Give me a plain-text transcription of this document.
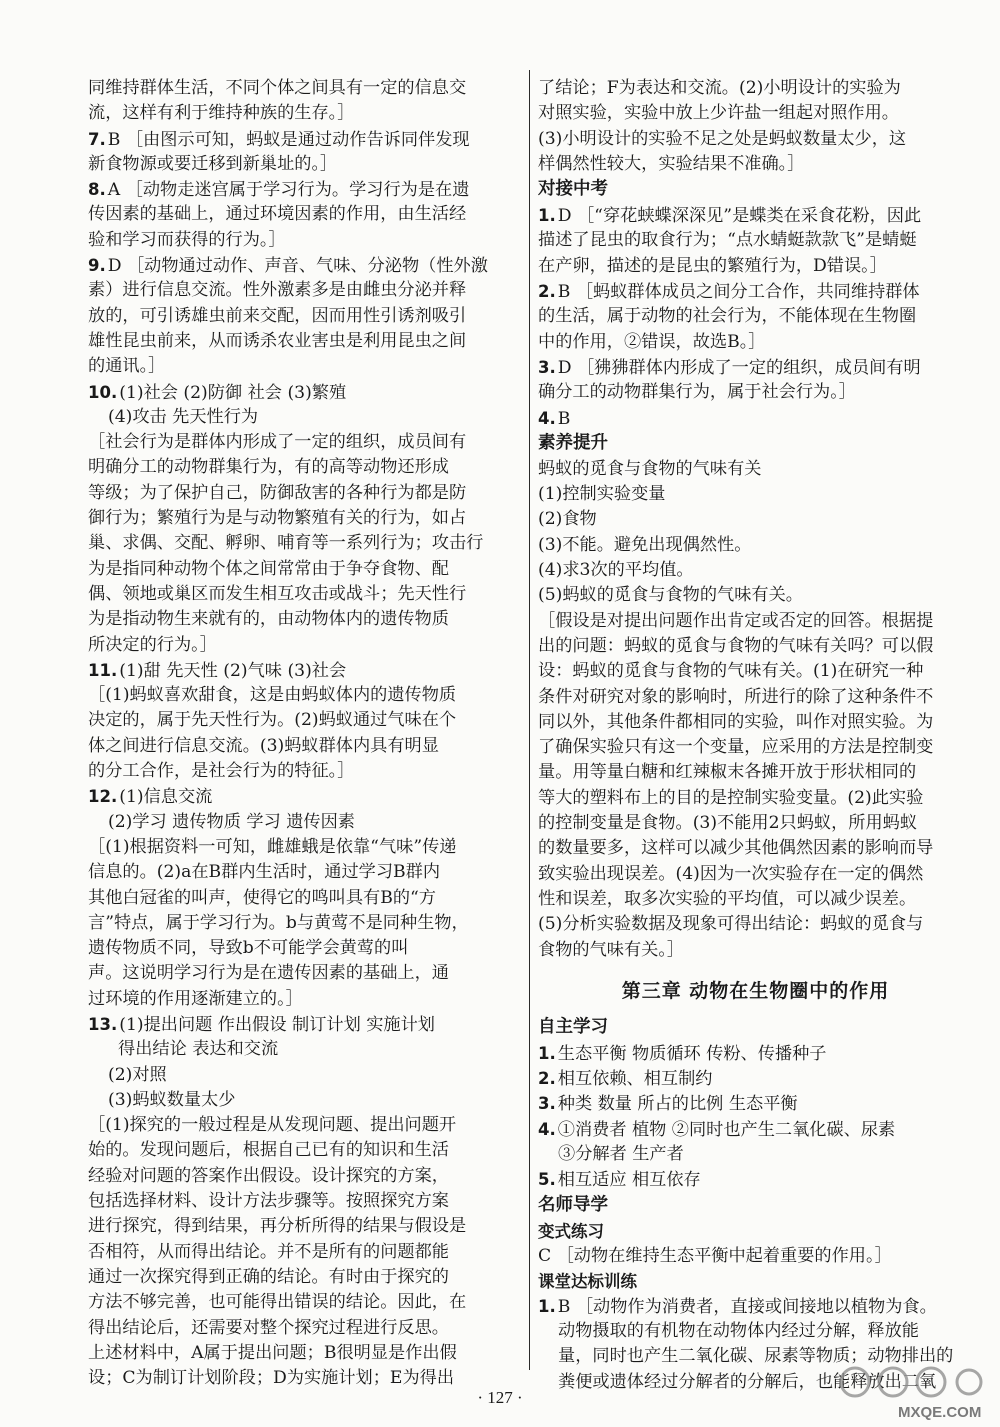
同维持群体生活，不同个体之间具有一定的信息交
流，这样有利于维持种族的生存。］
7. B ［由图示可知，蚂蚁是通过动作告诉同伴发现
新食物源或要迁移到新巢址的。］
8. A ［动物走迷宫属于学习行为。学习行为是在遗
传因素的基础上，通过环境因素的作用，由生活经
验和学习而获得的行为。］
9. D ［动物通过动作、声音、气味、分泌物（性外激
素）进行信息交流。性外激素多是由雌虫分泌并释
放的，可引诱雄虫前来交配，因而用性引诱剂吸引
雄性昆虫前来，从而诱杀农业害虫是利用昆虫之间
的通讯。］
10. (1)社会 (2)防御 社会 (3)繁殖
(4)攻击 先天性行为
［社会行为是群体内形成了一定的组织，成员间有
明确分工的动物群集行为，有的高等动物还形成
等级；为了保护自己，防御敌害的各种行为都是防
御行为；繁殖行为是与动物繁殖有关的行为，如占
巢、求偶、交配、孵卵、哺育等一系列行为；攻击行
为是指同种动物个体之间常常由于争夺食物、配
偶、领地或巢区而发生相互攻击或战斗；先天性行
为是指动物生来就有的，由动物体内的遗传物质
所决定的行为。］
11. (1)甜 先天性 (2)气味 (3)社会
［(1)蚂蚁喜欢甜食，这是由蚂蚁体内的遗传物质
决定的，属于先天性行为。(2)蚂蚁通过气味在个
体之间进行信息交流。(3)蚂蚁群体内具有明显
的分工合作，是社会行为的特征。］
12. (1)信息交流
(2)学习 遗传物质 学习 遗传因素
［(1)根据资料一可知，雌雄蛾是依靠“气味”传递
信息的。(2)a在B群内生活时，通过学习B群内
其他白冠雀的叫声，使得它的鸣叫具有B的“方
言”特点，属于学习行为。b与黄莺不是同种生物，
遗传物质不同，导致b不可能学会黄莺的叫
声。这说明学习行为是在遗传因素的基础上，通
过环境的作用逐渐建立的。］
13. (1)提出问题 作出假设 制订计划 实施计划
得出结论 表达和交流
(2)对照
(3)蚂蚁数量太少
［(1)探究的一般过程是从发现问题、提出问题开
始的。发现问题后，根据自己已有的知识和生活
经验对问题的答案作出假设。设计探究的方案，
包括选择材料、设计方法步骤等。按照探究方案
进行探究，得到结果，再分析所得的结果与假设是
否相符，从而得出结论。并不是所有的问题都能
通过一次探究得到正确的结论。有时由于探究的
方法不够完善，也可能得出错误的结论。因此，在
得出结论后，还需要对整个探究过程进行反思。
上述材料中，A属于提出问题；B很明显是作出假
设；C为制订计划阶段；D为实施计划；E为得出
了结论；F为表达和交流。(2)小明设计的实验为
对照实验，实验中放上少许盐一组起对照作用。
(3)小明设计的实验不足之处是蚂蚁数量太少，这
样偶然性较大，实验结果不准确。］
对接中考
1. D ［“穿花蛱蝶深深见”是蝶类在采食花粉，因此
描述了昆虫的取食行为；“点水蜻蜓款款飞”是蜻蜓
在产卵，描述的是昆虫的繁殖行为，D错误。］
2. B ［蚂蚁群体成员之间分工合作，共同维持群体
的生活，属于动物的社会行为，不能体现在生物圈
中的作用，②错误，故选B。］
3. D ［狒狒群体内形成了一定的组织，成员间有明
确分工的动物群集行为，属于社会行为。］
4. B
素养提升
蚂蚁的觅食与食物的气味有关
(1)控制实验变量
(2)食物
(3)不能。避免出现偶然性。
(4)求3次的平均值。
(5)蚂蚁的觅食与食物的气味有关。
［假设是对提出问题作出肯定或否定的回答。根据提
出的问题：蚂蚁的觅食与食物的气味有关吗？可以假
设：蚂蚁的觅食与食物的气味有关。(1)在研究一种
条件对研究对象的影响时，所进行的除了这种条件不
同以外，其他条件都相同的实验，叫作对照实验。为
了确保实验只有这一个变量，应采用的方法是控制变
量。用等量白糖和红辣椒末各摊开放于形状相同的
等大的塑料布上的目的是控制实验变量。(2)此实验
的控制变量是食物。(3)不能用2只蚂蚁，所用蚂蚁
的数量要多，这样可以减少其他偶然因素的影响而导
致实验出现误差。(4)因为一次实验存在一定的偶然
性和误差，取多次实验的平均值，可以减少误差。
(5)分析实验数据及现象可得出结论：蚂蚁的觅食与
食物的气味有关。］
第三章 动物在生物圈中的作用
自主学习
1. 生态平衡 物质循环 传粉、传播种子
2. 相互依赖、相互制约
3. 种类 数量 所占的比例 生态平衡
4. ①消费者 植物 ②同时也产生二氧化碳、尿素
③分解者 生产者
5. 相互适应 相互依存
名师导学
变式练习
C ［动物在维持生态平衡中起着重要的作用。］
课堂达标训练
1. B ［动物作为消费者，直接或间接地以植物为食。
动物摄取的有机物在动物体内经过分解，释放能
量，同时也产生二氧化碳、尿素等物质；动物排出的
粪便或遗体经过分解者的分解后，也能释放出二氧
· 127 ·
MXQE.COM
